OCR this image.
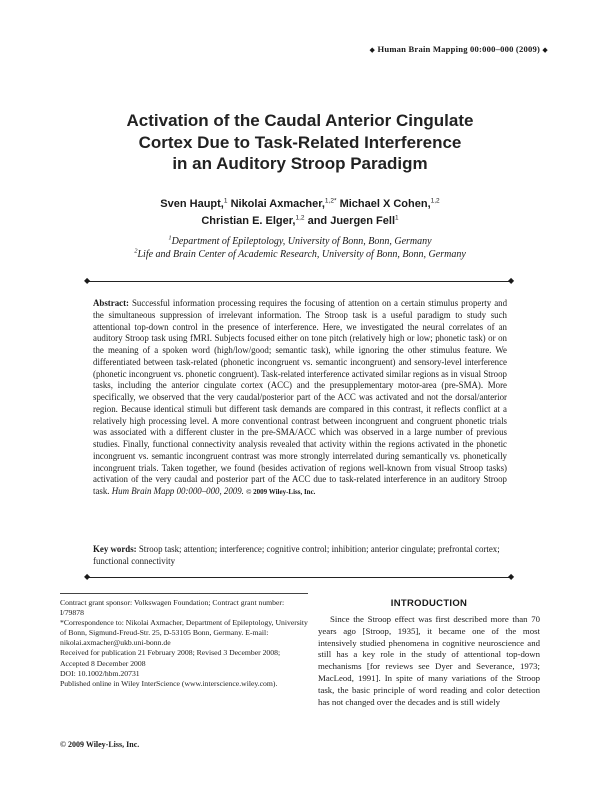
◆ Human Brain Mapping 00:000–000 (2009) ◆
Activation of the Caudal Anterior Cingulate
Cortex Due to Task-Related Interference
in an Auditory Stroop Paradigm
Sven Haupt,$^1$ Nikolai Axmacher,$^{1,2*}$ Michael X Cohen,$^{1,2}$
Christian E. Elger,$^{1,2}$ and Juergen Fell$^1$
$^1$Department of Epileptology, University of Bonn, Bonn, Germany
$^2$Life and Brain Center of Academic Research, University of Bonn, Bonn, Germany
◆	◆
Abstract: Successful information processing requires the focusing of attention on a certain stimulus property and the simultaneous suppression of irrelevant information. The Stroop task is a useful paradigm to study such attentional top-down control in the presence of interference. Here, we investigated the neural correlates of an auditory Stroop task using fMRI. Subjects focused either on tone pitch (relatively high or low; phonetic task) or on the meaning of a spoken word (high/low/good; semantic task), while ignoring the other stimulus feature. We differentiated between task-related (phonetic incongruent vs. semantic incongruent) and sensory-level interference (phonetic incongruent vs. phonetic congruent). Task-related interference activated similar regions as in visual Stroop tasks, including the anterior cingulate cortex (ACC) and the presupplementary motor-area (pre-SMA). More specifically, we observed that the very caudal/posterior part of the ACC was activated and not the dorsal/anterior region. Because identical stimuli but different task demands are compared in this contrast, it reflects conflict at a relatively high processing level. A more conventional contrast between incongruent and congruent phonetic trials was associated with a different cluster in the pre-SMA/ACC which was observed in a large number of previous studies. Finally, functional connectivity analysis revealed that activity within the regions activated in the phonetic incongruent vs. semantic incongruent contrast was more strongly interrelated during semantically vs. phonetically incongruent trials. Taken together, we found (besides activation of regions well-known from visual Stroop tasks) activation of the very caudal and posterior part of the ACC due to task-related interference in an auditory Stroop task. Hum Brain Mapp 00:000–000, 2009. © 2009 Wiley-Liss, Inc.
Key words: Stroop task; attention; interference; cognitive control; inhibition; anterior cingulate; prefrontal cortex; functional connectivity
◆	◆

Contract grant sponsor: Volkswagen Foundation; Contract grant number: I/79878

*Correspondence to: Nikolai Axmacher, Department of Epileptology, University of Bonn, Sigmund-Freud-Str. 25, D-53105 Bonn, Germany. E-mail: nikolai.axmacher@ukb.uni-bonn.de

Received for publication 21 February 2008; Revised 3 December 2008; Accepted 8 December 2008

DOI: 10.1002/hbm.20731

Published online in Wiley InterScience (www.interscience.wiley.com).

© 2009 Wiley-Liss, Inc.
INTRODUCTION
Since the Stroop effect was first described more than 70 years ago [Stroop, 1935], it became one of the most intensively studied phenomena in cognitive neuroscience and still has a key role in the study of attentional top-down mechanisms [for reviews see Dyer and Severance, 1973; MacLeod, 1991]. In spite of many variations of the Stroop task, the basic principle of word reading and color detection has not changed over the decades and is still widely
